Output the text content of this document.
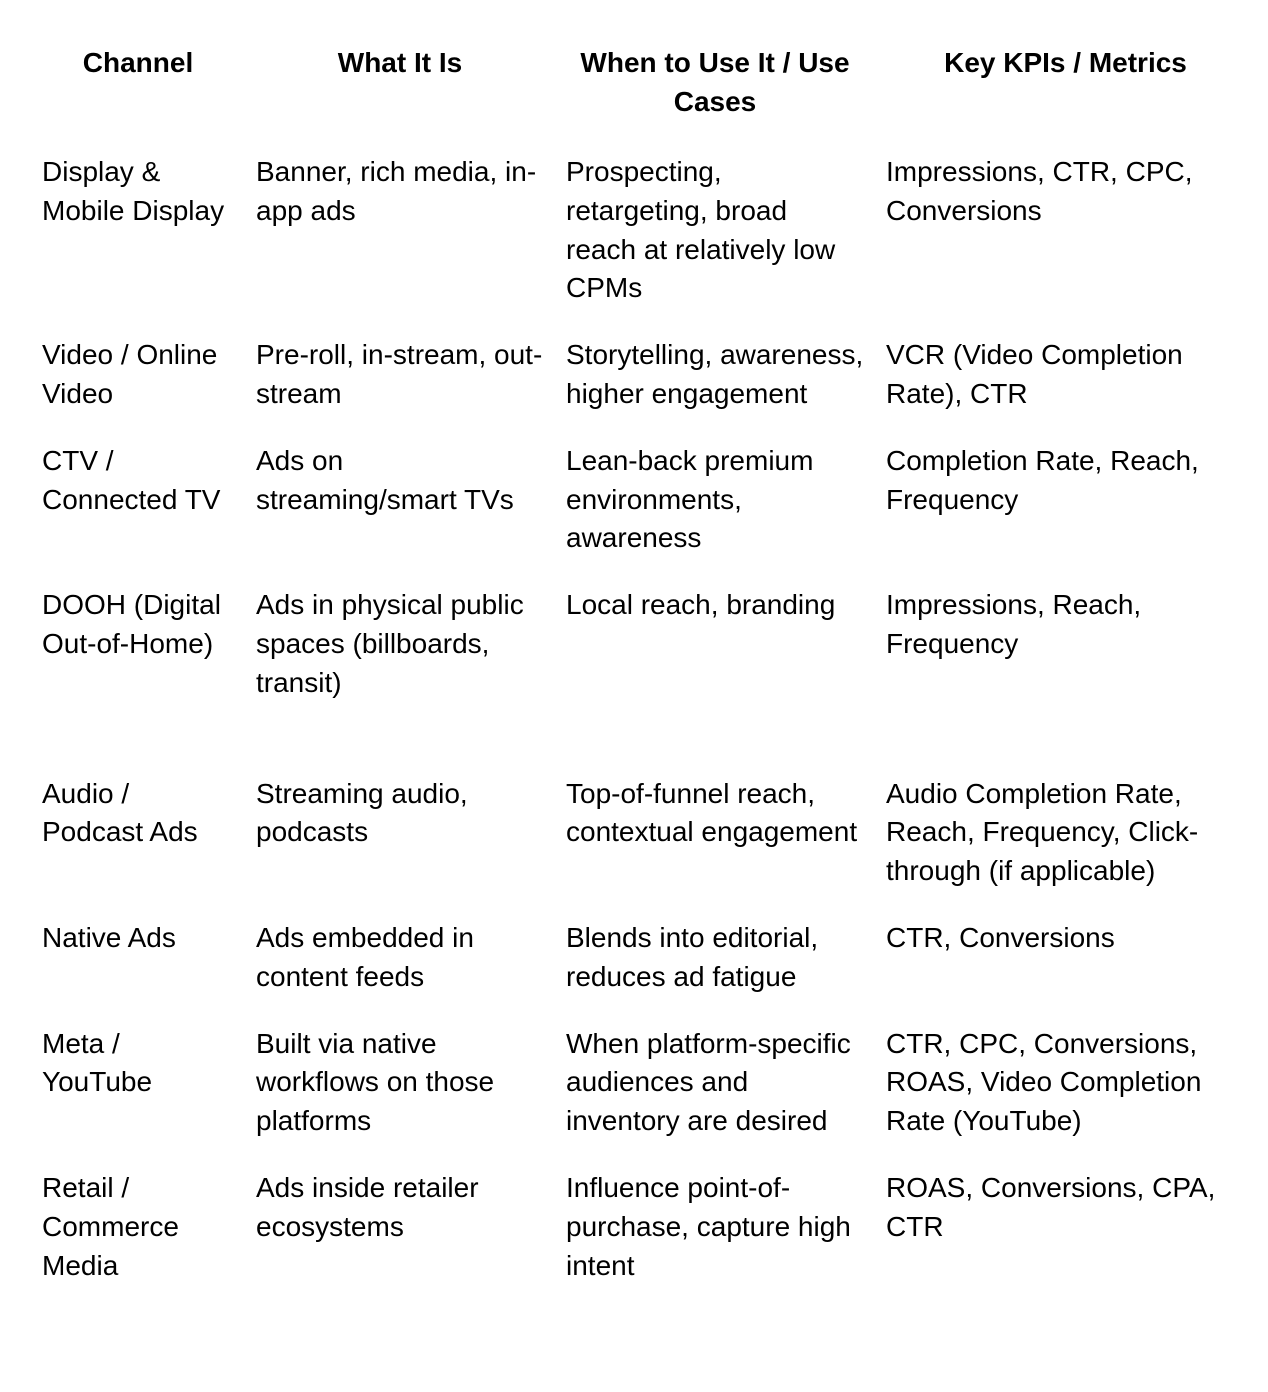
Channel	What It Is	When to Use It / Use Cases	Key KPIs / Metrics
Display & Mobile Display	Banner, rich media, in-app ads	Prospecting, retargeting, broad reach at relatively low CPMs	Impressions, CTR, CPC, Conversions
Video / Online Video	Pre-roll, in-stream, out-stream	Storytelling, awareness, higher engagement	VCR (Video Completion Rate), CTR
CTV / Connected TV	Ads on streaming/smart TVs	Lean-back premium environments, awareness	Completion Rate, Reach, Frequency
DOOH (Digital Out-of-Home)	Ads in physical public spaces (billboards, transit)	Local reach, branding	Impressions, Reach, Frequency
Audio / Podcast Ads	Streaming audio, podcasts	Top-of-funnel reach, contextual engagement	Audio Completion Rate, Reach, Frequency, Click-through (if applicable)
Native Ads	Ads embedded in content feeds	Blends into editorial, reduces ad fatigue	CTR, Conversions
Meta / YouTube	Built via native workflows on those platforms	When platform-specific audiences and inventory are desired	CTR, CPC, Conversions, ROAS, Video Completion Rate (YouTube)
Retail / Commerce Media	Ads inside retailer ecosystems	Influence point-of-purchase, capture high intent	ROAS, Conversions, CPA, CTR
